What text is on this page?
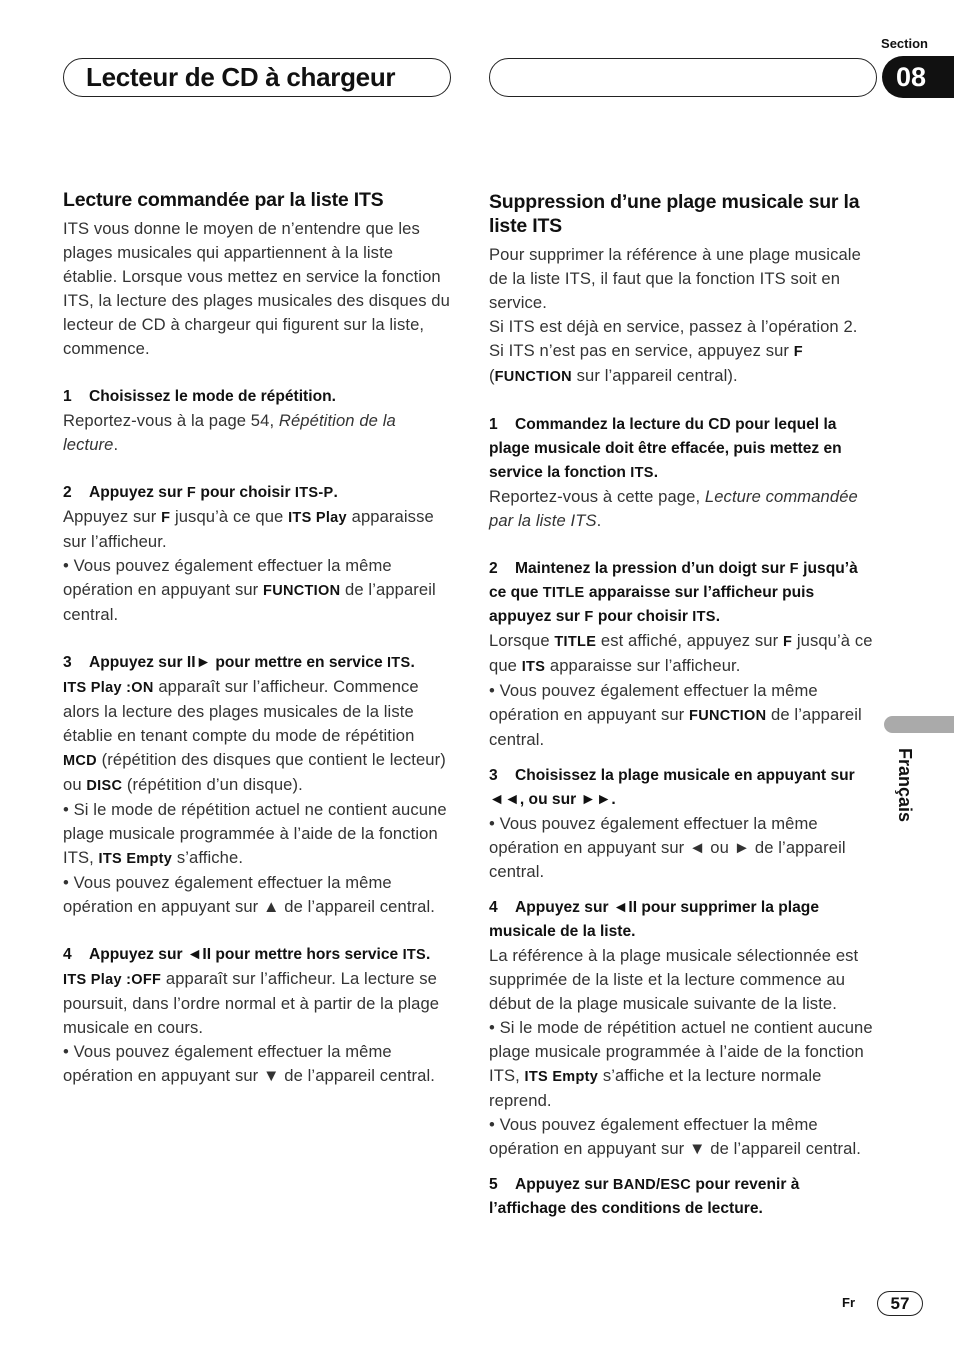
Section
Lecteur de CD à chargeur	08
Lecture commandée par la liste ITS
ITS vous donne le moyen de n’entendre que les plages musicales qui appartiennent à la liste établie. Lorsque vous mettez en service la fonction ITS, la lecture des plages musicales des disques du lecteur de CD à chargeur qui figurent sur la liste, commence.
1 Choisissez le mode de répétition.
Reportez-vous à la page 54, Répétition de la lecture.
2 Appuyez sur F pour choisir ITS-P.
Appuyez sur F jusqu’à ce que ITS Play apparaisse sur l’afficheur.
• Vous pouvez également effectuer la même opération en appuyant sur FUNCTION de l’appareil central.
3 Appuyez sur II► pour mettre en service ITS.
ITS Play :ON apparaît sur l’afficheur. Commence alors la lecture des plages musicales de la liste établie en tenant compte du mode de répétition MCD (répétition des disques que contient le lecteur) ou DISC (répétition d’un disque).
• Si le mode de répétition actuel ne contient aucune plage musicale programmée à l’aide de la fonction ITS, ITS Empty s’affiche.
• Vous pouvez également effectuer la même opération en appuyant sur ▲ de l’appareil central.
4 Appuyez sur ◄II pour mettre hors service ITS.
ITS Play :OFF apparaît sur l’afficheur. La lecture se poursuit, dans l’ordre normal et à partir de la plage musicale en cours.
• Vous pouvez également effectuer la même opération en appuyant sur ▼ de l’appareil central.
Suppression d’une plage musicale sur la liste ITS
Pour supprimer la référence à une plage musicale de la liste ITS, il faut que la fonction ITS soit en service.
Si ITS est déjà en service, passez à l’opération 2.
Si ITS n’est pas en service, appuyez sur F (FUNCTION sur l’appareil central).
1 Commandez la lecture du CD pour lequel la plage musicale doit être effacée, puis mettez en service la fonction ITS.
Reportez-vous à cette page, Lecture commandée par la liste ITS.
2 Maintenez la pression d’un doigt sur F jusqu’à ce que TITLE apparaisse sur l’afficheur puis appuyez sur F pour choisir ITS.
Lorsque TITLE est affiché, appuyez sur F jusqu’à ce que ITS apparaisse sur l’afficheur.
• Vous pouvez également effectuer la même opération en appuyant sur FUNCTION de l’appareil central.
3 Choisissez la plage musicale en appuyant sur ◄◄, ou sur ►►.
• Vous pouvez également effectuer la même opération en appuyant sur ◄ ou ► de l’appareil central.
4 Appuyez sur ◄II pour supprimer la plage musicale de la liste.
La référence à la plage musicale sélectionnée est supprimée de la liste et la lecture commence au début de la plage musicale suivante de la liste.
• Si le mode de répétition actuel ne contient aucune plage musicale programmée à l’aide de la fonction ITS, ITS Empty s’affiche et la lecture normale reprend.
• Vous pouvez également effectuer la même opération en appuyant sur ▼ de l’appareil central.
5 Appuyez sur BAND/ESC pour revenir à l’affichage des conditions de lecture.
Français
Fr	57
